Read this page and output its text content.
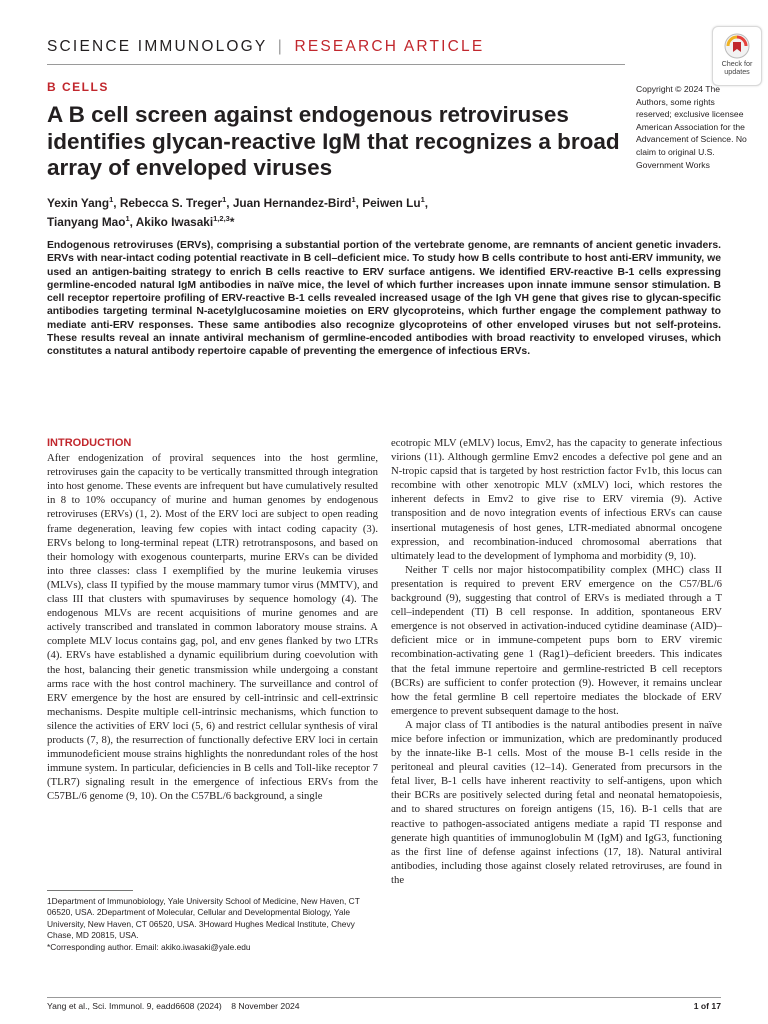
SCIENCE IMMUNOLOGY | RESEARCH ARTICLE
Check for
updates
B CELLS
A B cell screen against endogenous retroviruses identifies glycan-reactive IgM that recognizes a broad array of enveloped viruses
Yexin Yang$^1$, Rebecca S. Treger$^1$, Juan Hernandez-Bird$^1$, Peiwen Lu$^1$,
Tianyang Mao$^1$, Akiko Iwasaki$^{1,2,3}$*
Copyright © 2024 The Authors, some rights reserved; exclusive licensee American Association for the Advancement of Science. No claim to original U.S. Government Works

Endogenous retroviruses (ERVs), comprising a substantial portion of the vertebrate genome, are remnants of ancient genetic invaders. ERVs with near-intact coding potential reactivate in B cell–deficient mice. To study how B cells contribute to host anti-ERV immunity, we used an antigen-baiting strategy to enrich B cells reactive to ERV surface antigens. We identified ERV-reactive B-1 cells expressing germline-encoded natural IgM antibodies in naïve mice, the level of which further increases upon innate immune sensor stimulation. B cell receptor repertoire profiling of ERV-reactive B-1 cells revealed increased usage of the Igh VH gene that gives rise to glycan-specific antibodies targeting terminal N-acetylglucosamine moieties on ERV glycoproteins, which further engage the complement pathway to mediate anti-ERV responses. These same antibodies also recognize glycoproteins of other enveloped viruses but not self-proteins. These results reveal an innate antiviral mechanism of germline-encoded antibodies with broad reactivity to enveloped viruses, which constitutes a natural antibody repertoire capable of preventing the emergence of infectious ERVs.

INTRODUCTION

After endogenization of proviral sequences into the host germline, retroviruses gain the capacity to be vertically transmitted through integration into host genome. These events are infrequent but have cumulatively resulted in 8 to 10% occupancy of murine and human genomes by endogenous retroviruses (ERVs) (1, 2). Most of the ERV loci are subject to open reading frame degeneration, leaving few copies with intact coding capacity (3). ERVs belong to long-terminal repeat (LTR) retrotransposons, and based on their homology with exogenous counterparts, murine ERVs can be divided into three classes: class I exemplified by the murine leukemia viruses (MLVs), class II typified by the mouse mammary tumor virus (MMTV), and class III that clusters with spumaviruses by sequence homology (4). The endogenous MLVs are recent acquisitions of murine genomes and are actively transcribed and translated in common laboratory mouse strains. A complete MLV locus contains gag, pol, and env genes flanked by two LTRs (4). ERVs have established a dynamic equilibrium during coevolution with the host, balancing their genetic transmission while undergoing a constant arms race with the host control machinery. The surveillance and control of ERV emergence by the host are ensured by cell-intrinsic and cell-extrinsic mechanisms. Despite multiple cell-intrinsic mechanisms, which function to silence the activities of ERV loci (5, 6) and restrict cellular synthesis of viral products (7, 8), the resurrection of functionally defective ERV loci in certain immunodeficient mouse strains highlights the nonredundant roles of the host immune system. In particular, deficiencies in B cells and Toll-like receptor 7 (TLR7) signaling result in the emergence of infectious ERVs from the C57BL/6 genome (9, 10). On the C57BL/6 background, a single

ecotropic MLV (eMLV) locus, Emv2, has the capacity to generate infectious virions (11). Although germline Emv2 encodes a defective pol gene and an N-tropic capsid that is targeted by host restriction factor Fv1b, this locus can recombine with other xenotropic MLV (xMLV) loci, which restores the inherent defects in Emv2 to give rise to ERV viremia (9). Active transposition and de novo integration events of infectious ERVs can cause insertional mutagenesis of host genes, LTR-mediated abnormal oncogene expression, and recombination-induced chromosomal aberrations that ultimately lead to the development of lymphoma and morbidity (9, 10).

Neither T cells nor major histocompatibility complex (MHC) class II presentation is required to prevent ERV emergence on the C57/BL/6 background (9), suggesting that control of ERVs is mediated through a T cell–independent (TI) B cell response. In addition, spontaneous ERV emergence is not observed in activation-induced cytidine deaminase (AID)–deficient mice or in immune-competent pups born to ERV viremic recombination-activating gene 1 (Rag1)–deficient breeders. This indicates that the fetal immune repertoire and germline-restricted B cell receptors (BCRs) are sufficient to confer protection (9). However, it remains unclear how the fetal germline B cell repertoire mediates the blockade of ERV emergence to prevent subsequent damage to the host.

A major class of TI antibodies is the natural antibodies present in naïve mice before infection or immunization, which are predominantly produced by the innate-like B-1 cells. Most of the mouse B-1 cells reside in the peritoneal and pleural cavities (12–14). Generated from precursors in the fetal liver, B-1 cells have inherent reactivity to self-antigens, upon which their BCRs are positively selected during fetal and neonatal hematopoiesis, and to shared structures on foreign antigens (15, 16). B-1 cells that are reactive to pathogen-associated antigens mediate a rapid TI response and generate high quantities of immunoglobulin M (IgM) and IgG3, functioning as the first line of defense against infections (17, 18). Natural antiviral antibodies, including those against closely related retroviruses, are found in the

1Department of Immunobiology, Yale University School of Medicine, New Haven, CT 06520, USA. 2Department of Molecular, Cellular and Developmental Biology, Yale University, New Haven, CT 06520, USA. 3Howard Hughes Medical Institute, Chevy Chase, MD 20815, USA.

*Corresponding author. Email: akiko.iwasaki@yale.edu

Yang et al., Sci. Immunol. 9, eadd6608 (2024)    8 November 2024	1 of 17
